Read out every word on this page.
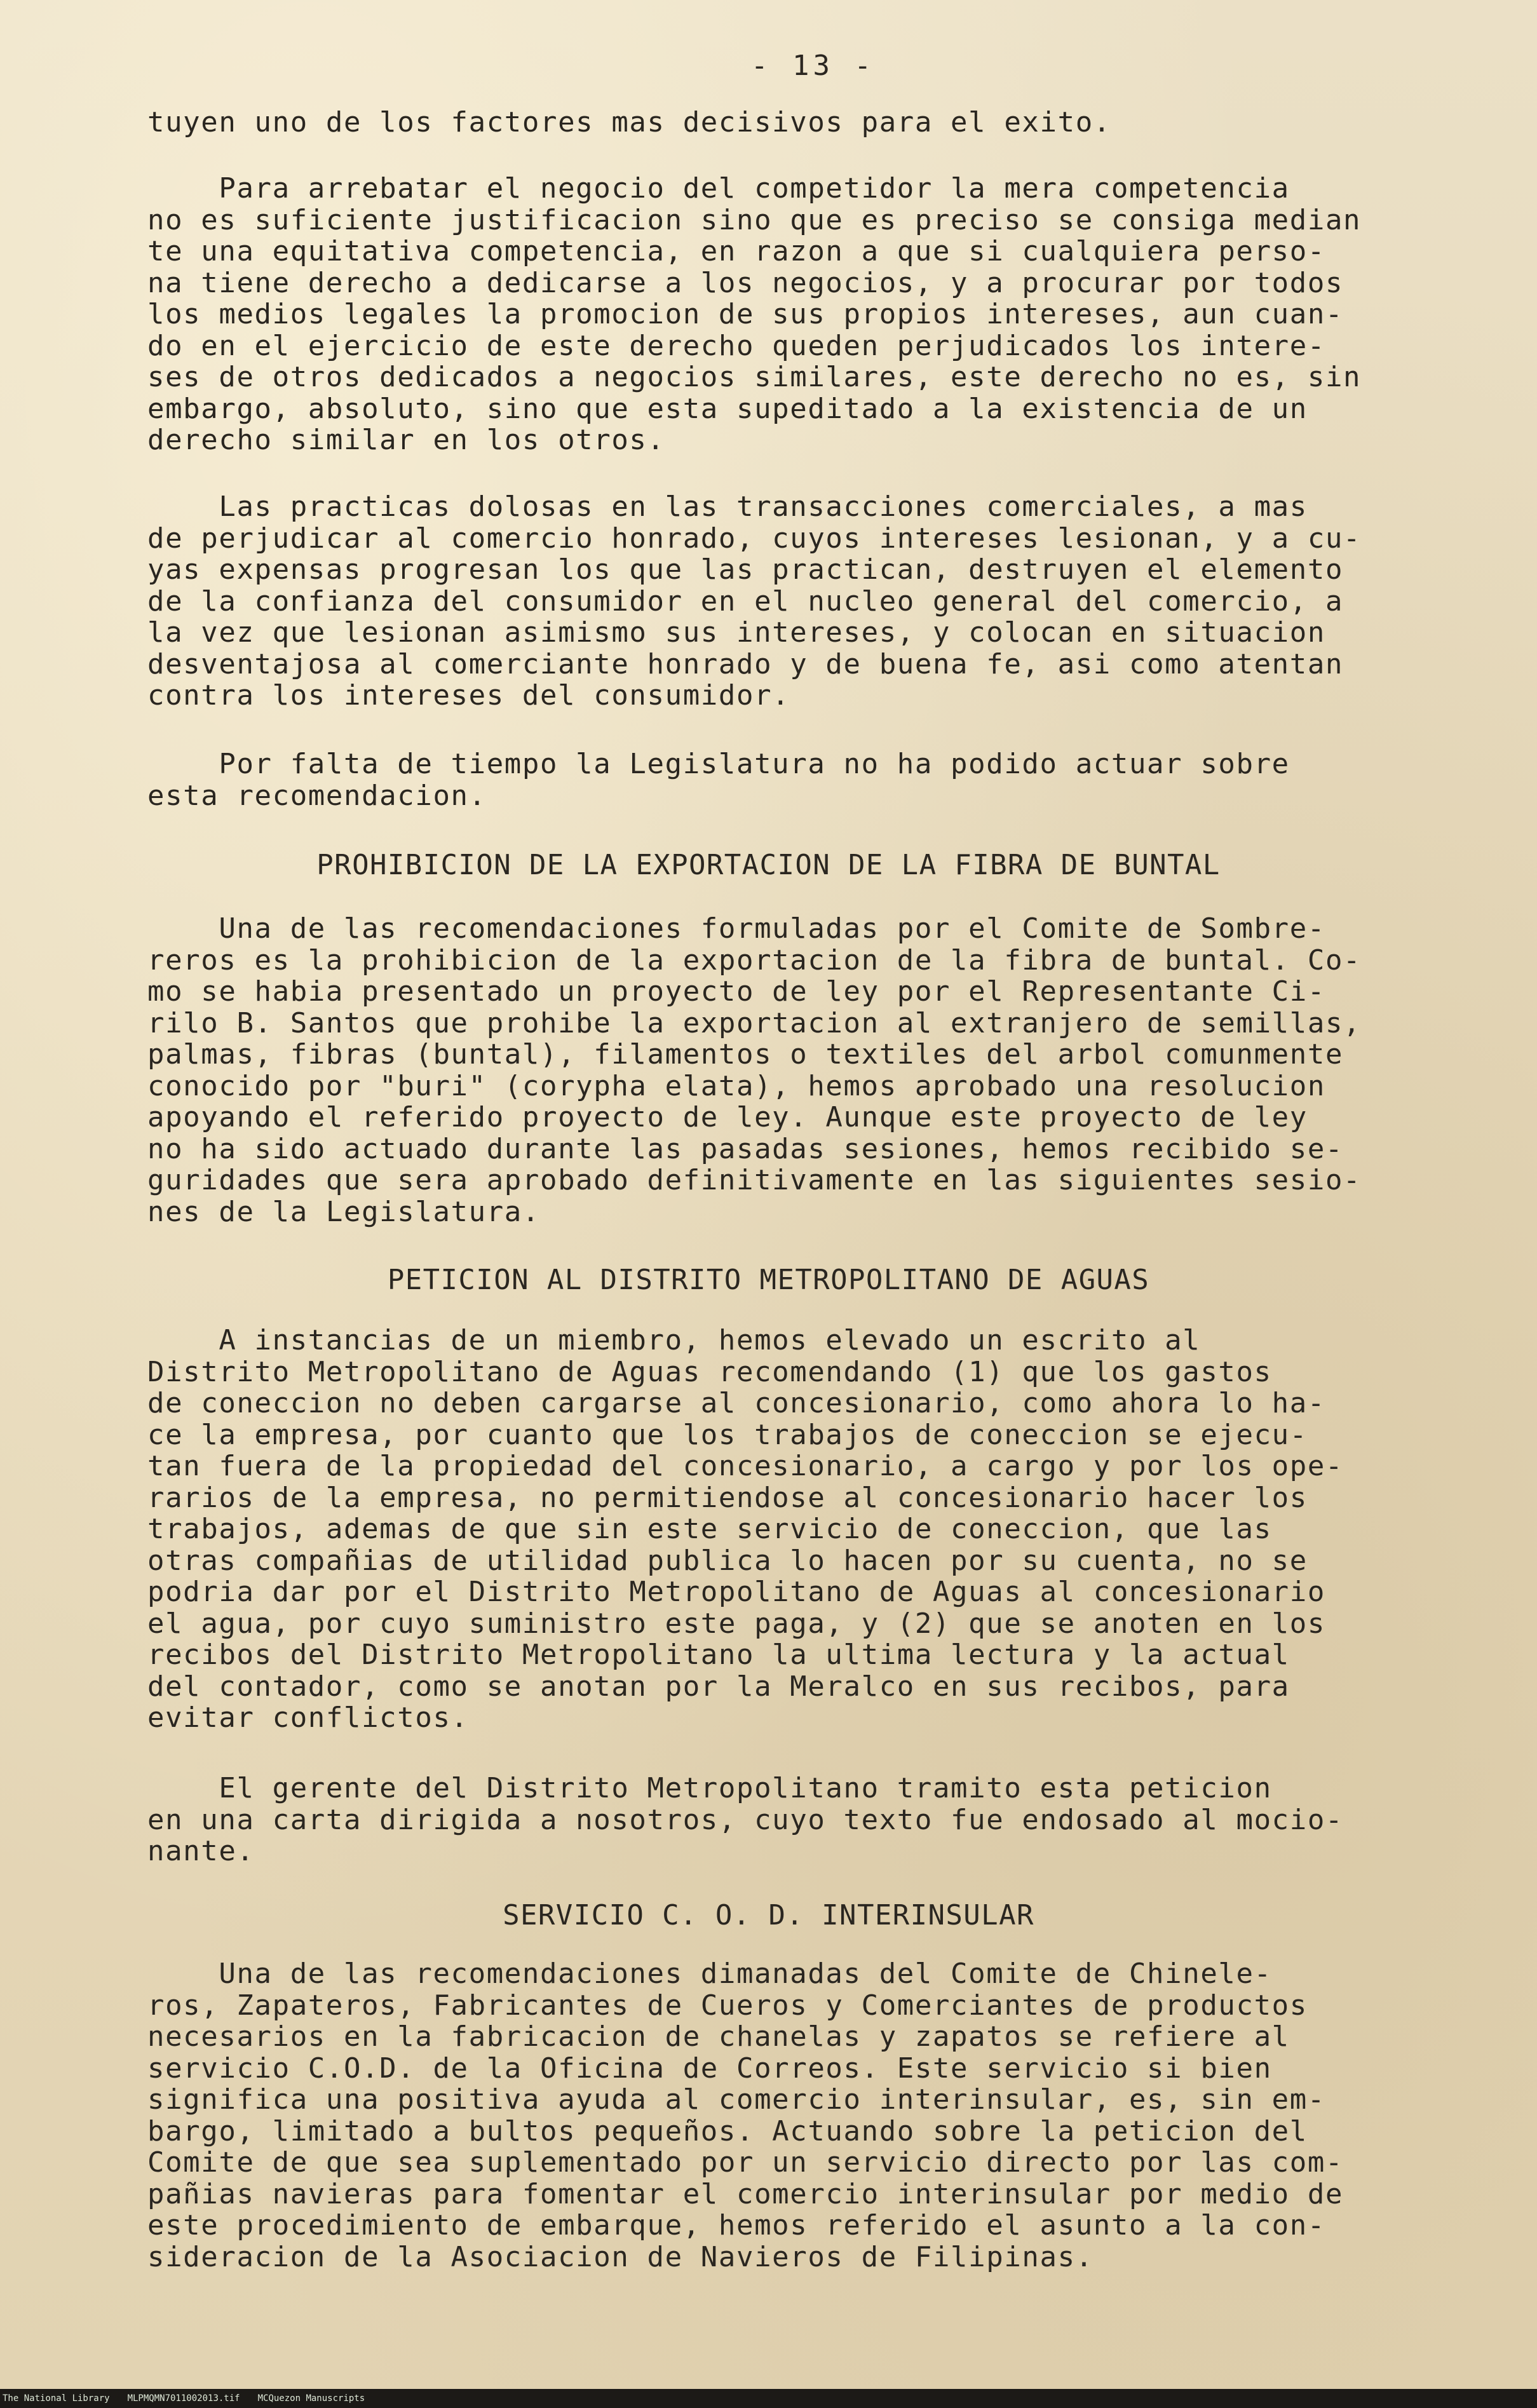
- 13 -
tuyen uno de los factores mas decisivos para el exito.
Para arrebatar el negocio del competidor la mera competencia
no es suficiente justificacion sino que es preciso se consiga median
te una equitativa competencia, en razon a que si cualquiera perso-
na tiene derecho a dedicarse a los negocios, y a procurar por todos
los medios legales la promocion de sus propios intereses, aun cuan-
do en el ejercicio de este derecho queden perjudicados los intere-
ses de otros dedicados a negocios similares, este derecho no es, sin
embargo, absoluto, sino que esta supeditado a la existencia de un
derecho similar en los otros.
Las practicas dolosas en las transacciones comerciales, a mas
de perjudicar al comercio honrado, cuyos intereses lesionan, y a cu-
yas expensas progresan los que las practican, destruyen el elemento
de la confianza del consumidor en el nucleo general del comercio, a
la vez que lesionan asimismo sus intereses, y colocan en situacion
desventajosa al comerciante honrado y de buena fe, asi como atentan
contra los intereses del consumidor.
Por falta de tiempo la Legislatura no ha podido actuar sobre
esta recomendacion.
PROHIBICION DE LA EXPORTACION DE LA FIBRA DE BUNTAL
Una de las recomendaciones formuladas por el Comite de Sombre-
reros es la prohibicion de la exportacion de la fibra de buntal. Co-
mo se habia presentado un proyecto de ley por el Representante Ci-
rilo B. Santos que prohibe la exportacion al extranjero de semillas,
palmas, fibras (buntal), filamentos o textiles del arbol comunmente
conocido por "buri" (corypha elata), hemos aprobado una resolucion
apoyando el referido proyecto de ley. Aunque este proyecto de ley
no ha sido actuado durante las pasadas sesiones, hemos recibido se-
guridades que sera aprobado definitivamente en las siguientes sesio-
nes de la Legislatura.
PETICION AL DISTRITO METROPOLITANO DE AGUAS
A instancias de un miembro, hemos elevado un escrito al
Distrito Metropolitano de Aguas recomendando (1) que los gastos
de coneccion no deben cargarse al concesionario, como ahora lo ha-
ce la empresa, por cuanto que los trabajos de coneccion se ejecu-
tan fuera de la propiedad del concesionario, a cargo y por los ope-
rarios de la empresa, no permitiendose al concesionario hacer los
trabajos, ademas de que sin este servicio de coneccion, que las
otras compañias de utilidad publica lo hacen por su cuenta, no se
podria dar por el Distrito Metropolitano de Aguas al concesionario
el agua, por cuyo suministro este paga, y (2) que se anoten en los
recibos del Distrito Metropolitano la ultima lectura y la actual
del contador, como se anotan por la Meralco en sus recibos, para
evitar conflictos.
El gerente del Distrito Metropolitano tramito esta peticion
en una carta dirigida a nosotros, cuyo texto fue endosado al mocio-
nante.
SERVICIO C. O. D. INTERINSULAR
Una de las recomendaciones dimanadas del Comite de Chinele-
ros, Zapateros, Fabricantes de Cueros y Comerciantes de productos
necesarios en la fabricacion de chanelas y zapatos se refiere al
servicio C.O.D. de la Oficina de Correos. Este servicio si bien
significa una positiva ayuda al comercio interinsular, es, sin em-
bargo, limitado a bultos pequeños. Actuando sobre la peticion del
Comite de que sea suplementado por un servicio directo por las com-
pañias navieras para fomentar el comercio interinsular por medio de
este procedimiento de embarque, hemos referido el asunto a la con-
sideracion de la Asociacion de Navieros de Filipinas.
The National Library MLPMQMN7011002013.tif MCQuezon Manuscripts
